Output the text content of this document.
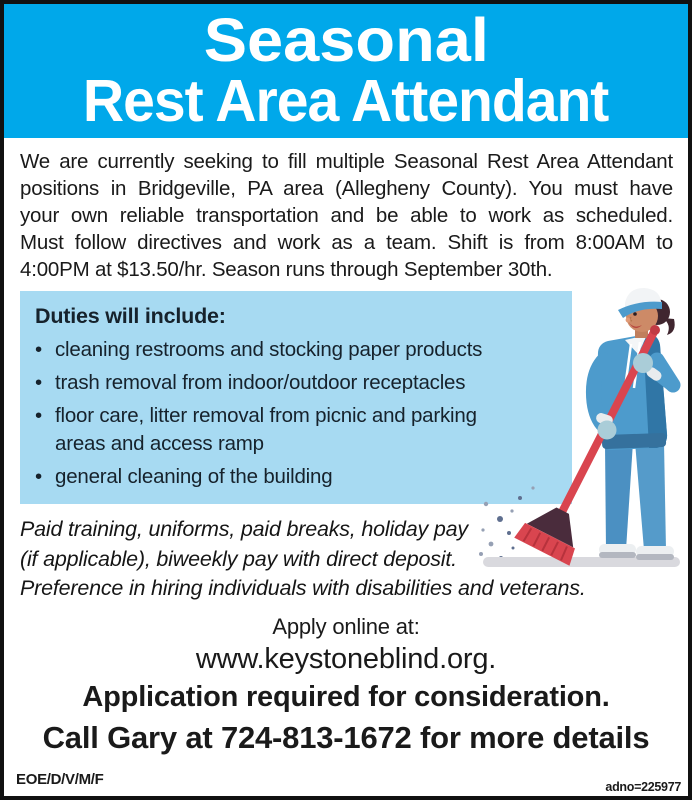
Seasonal
Rest Area Attendant
We are currently seeking to fill multiple Seasonal Rest Area Attendant
positions in Bridgeville, PA area (Allegheny County). You must have
your own reliable transportation and be able to work as scheduled.
Must follow directives and work as a team. Shift is from 8:00AM to
4:00PM at $13.50/hr. Season runs through September 30th.
Duties will include:
• cleaning restrooms and stocking paper products
• trash removal from indoor/outdoor receptacles
• floor care, litter removal from picnic and parking areas and access ramp
• general cleaning of the building
Paid training, uniforms, paid breaks, holiday pay
(if applicable), biweekly pay with direct deposit.
Preference in hiring individuals with disabilities and veterans.
Apply online at:
www.keystoneblind.org.
Application required for consideration.
Call Gary at 724-813-1672 for more details
EOE/D/V/M/F	adno=225977
